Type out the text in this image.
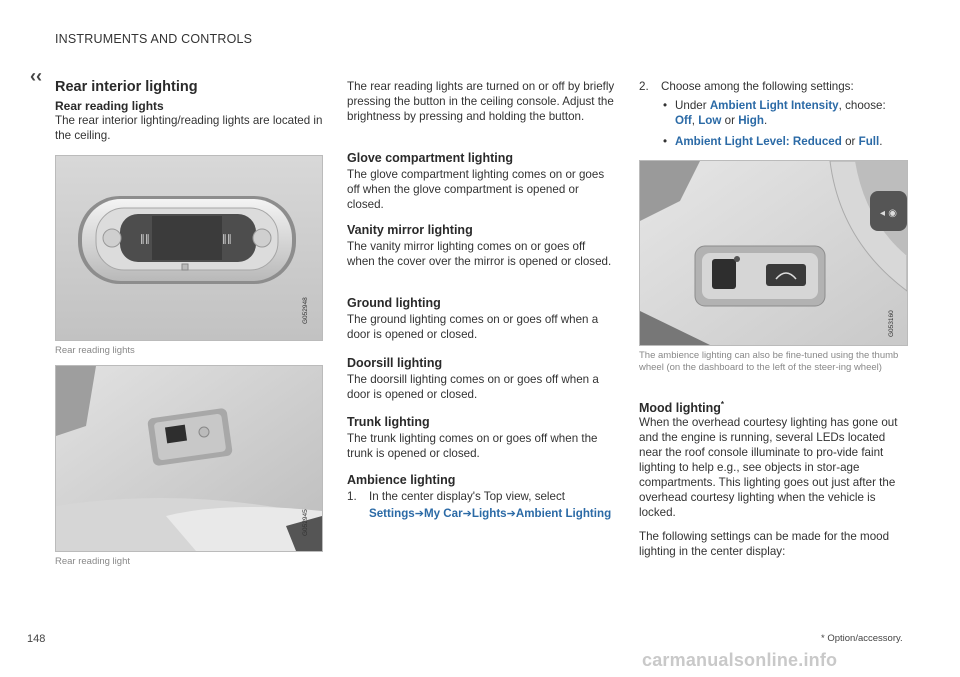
INSTRUMENTS AND CONTROLS
‹‹
Rear interior lighting
Rear reading lights

The rear interior lighting/reading lights are located in the ceiling.

∥∥	∥∥
G052948
Rear reading lights
G052945
Rear reading light

The rear reading lights are turned on or off by briefly pressing the button in the ceiling console. Adjust the brightness by pressing and holding the button.

Glove compartment lighting

The glove compartment lighting comes on or goes off when the glove compartment is opened or closed.

Vanity mirror lighting

The vanity mirror lighting comes on or goes off when the cover over the mirror is opened or closed.

Ground lighting

The ground lighting comes on or goes off when a door is opened or closed.

Doorsill lighting

The doorsill lighting comes on or goes off when a door is opened or closed.

Trunk lighting

The trunk lighting comes on or goes off when the trunk is opened or closed.

Ambience lighting
1. In the center display's Top view, select
Settings➔My Car➔Lights➔Ambient Lighting
2. Choose among the following settings:
• Under Ambient Light Intensity, choose: Off, Low or High.
• Ambient Light Level: Reduced or Full.
◂ ◉
G053160
The ambience lighting can also be fine-tuned using the thumb wheel (on the dashboard to the left of the steer-ing wheel)
Mood lighting*

When the overhead courtesy lighting has gone out and the engine is running, several LEDs located near the roof console illuminate to pro-vide faint lighting to help e.g., see objects in stor-age compartments. This lighting goes out just after the overhead courtesy lighting when the vehicle is locked.

The following settings can be made for the mood lighting in the center display:

148	* Option/accessory.
carmanualsonline.info
